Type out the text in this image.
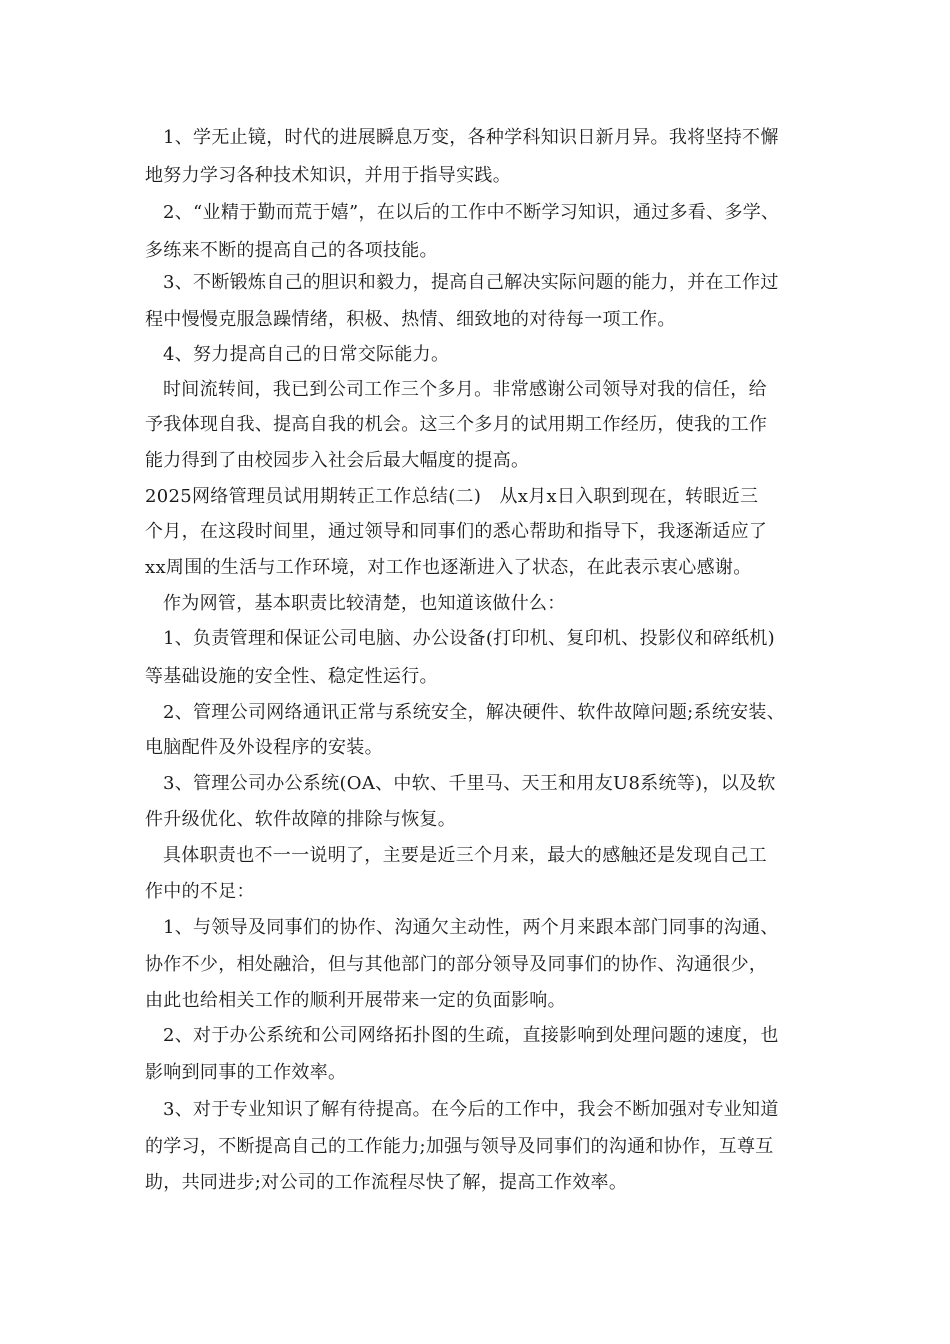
1、学无止镜，时代的进展瞬息万变，各种学科知识日新月异。我将坚持不懈
地努力学习各种技术知识，并用于指导实践。
2、“业精于勤而荒于嬉”，在以后的工作中不断学习知识，通过多看、多学、
多练来不断的提高自己的各项技能。
3、不断锻炼自己的胆识和毅力，提高自己解决实际问题的能力，并在工作过
程中慢慢克服急躁情绪，积极、热情、细致地的对待每一项工作。
4、努力提高自己的日常交际能力。
时间流转间，我已到公司工作三个多月。非常感谢公司领导对我的信任，给
予我体现自我、提高自我的机会。这三个多月的试用期工作经历，使我的工作
能力得到了由校园步入社会后最大幅度的提高。
2025网络管理员试用期转正工作总结(二)　从x月x日入职到现在，转眼近三
个月，在这段时间里，通过领导和同事们的悉心帮助和指导下，我逐渐适应了
xx周围的生活与工作环境，对工作也逐渐进入了状态，在此表示衷心感谢。
作为网管，基本职责比较清楚，也知道该做什么：
1、负责管理和保证公司电脑、办公设备(打印机、复印机、投影仪和碎纸机)
等基础设施的安全性、稳定性运行。
2、管理公司网络通讯正常与系统安全，解决硬件、软件故障问题;系统安装、
电脑配件及外设程序的安装。
3、管理公司办公系统(OA、中软、千里马、天王和用友U8系统等)，以及软
件升级优化、软件故障的排除与恢复。
具体职责也不一一说明了，主要是近三个月来，最大的感触还是发现自己工
作中的不足：
1、与领导及同事们的协作、沟通欠主动性，两个月来跟本部门同事的沟通、
协作不少，相处融洽，但与其他部门的部分领导及同事们的协作、沟通很少，
由此也给相关工作的顺利开展带来一定的负面影响。
2、对于办公系统和公司网络拓扑图的生疏，直接影响到处理问题的速度，也
影响到同事的工作效率。
3、对于专业知识了解有待提高。在今后的工作中，我会不断加强对专业知道
的学习，不断提高自己的工作能力;加强与领导及同事们的沟通和协作，互尊互
助，共同进步;对公司的工作流程尽快了解，提高工作效率。
